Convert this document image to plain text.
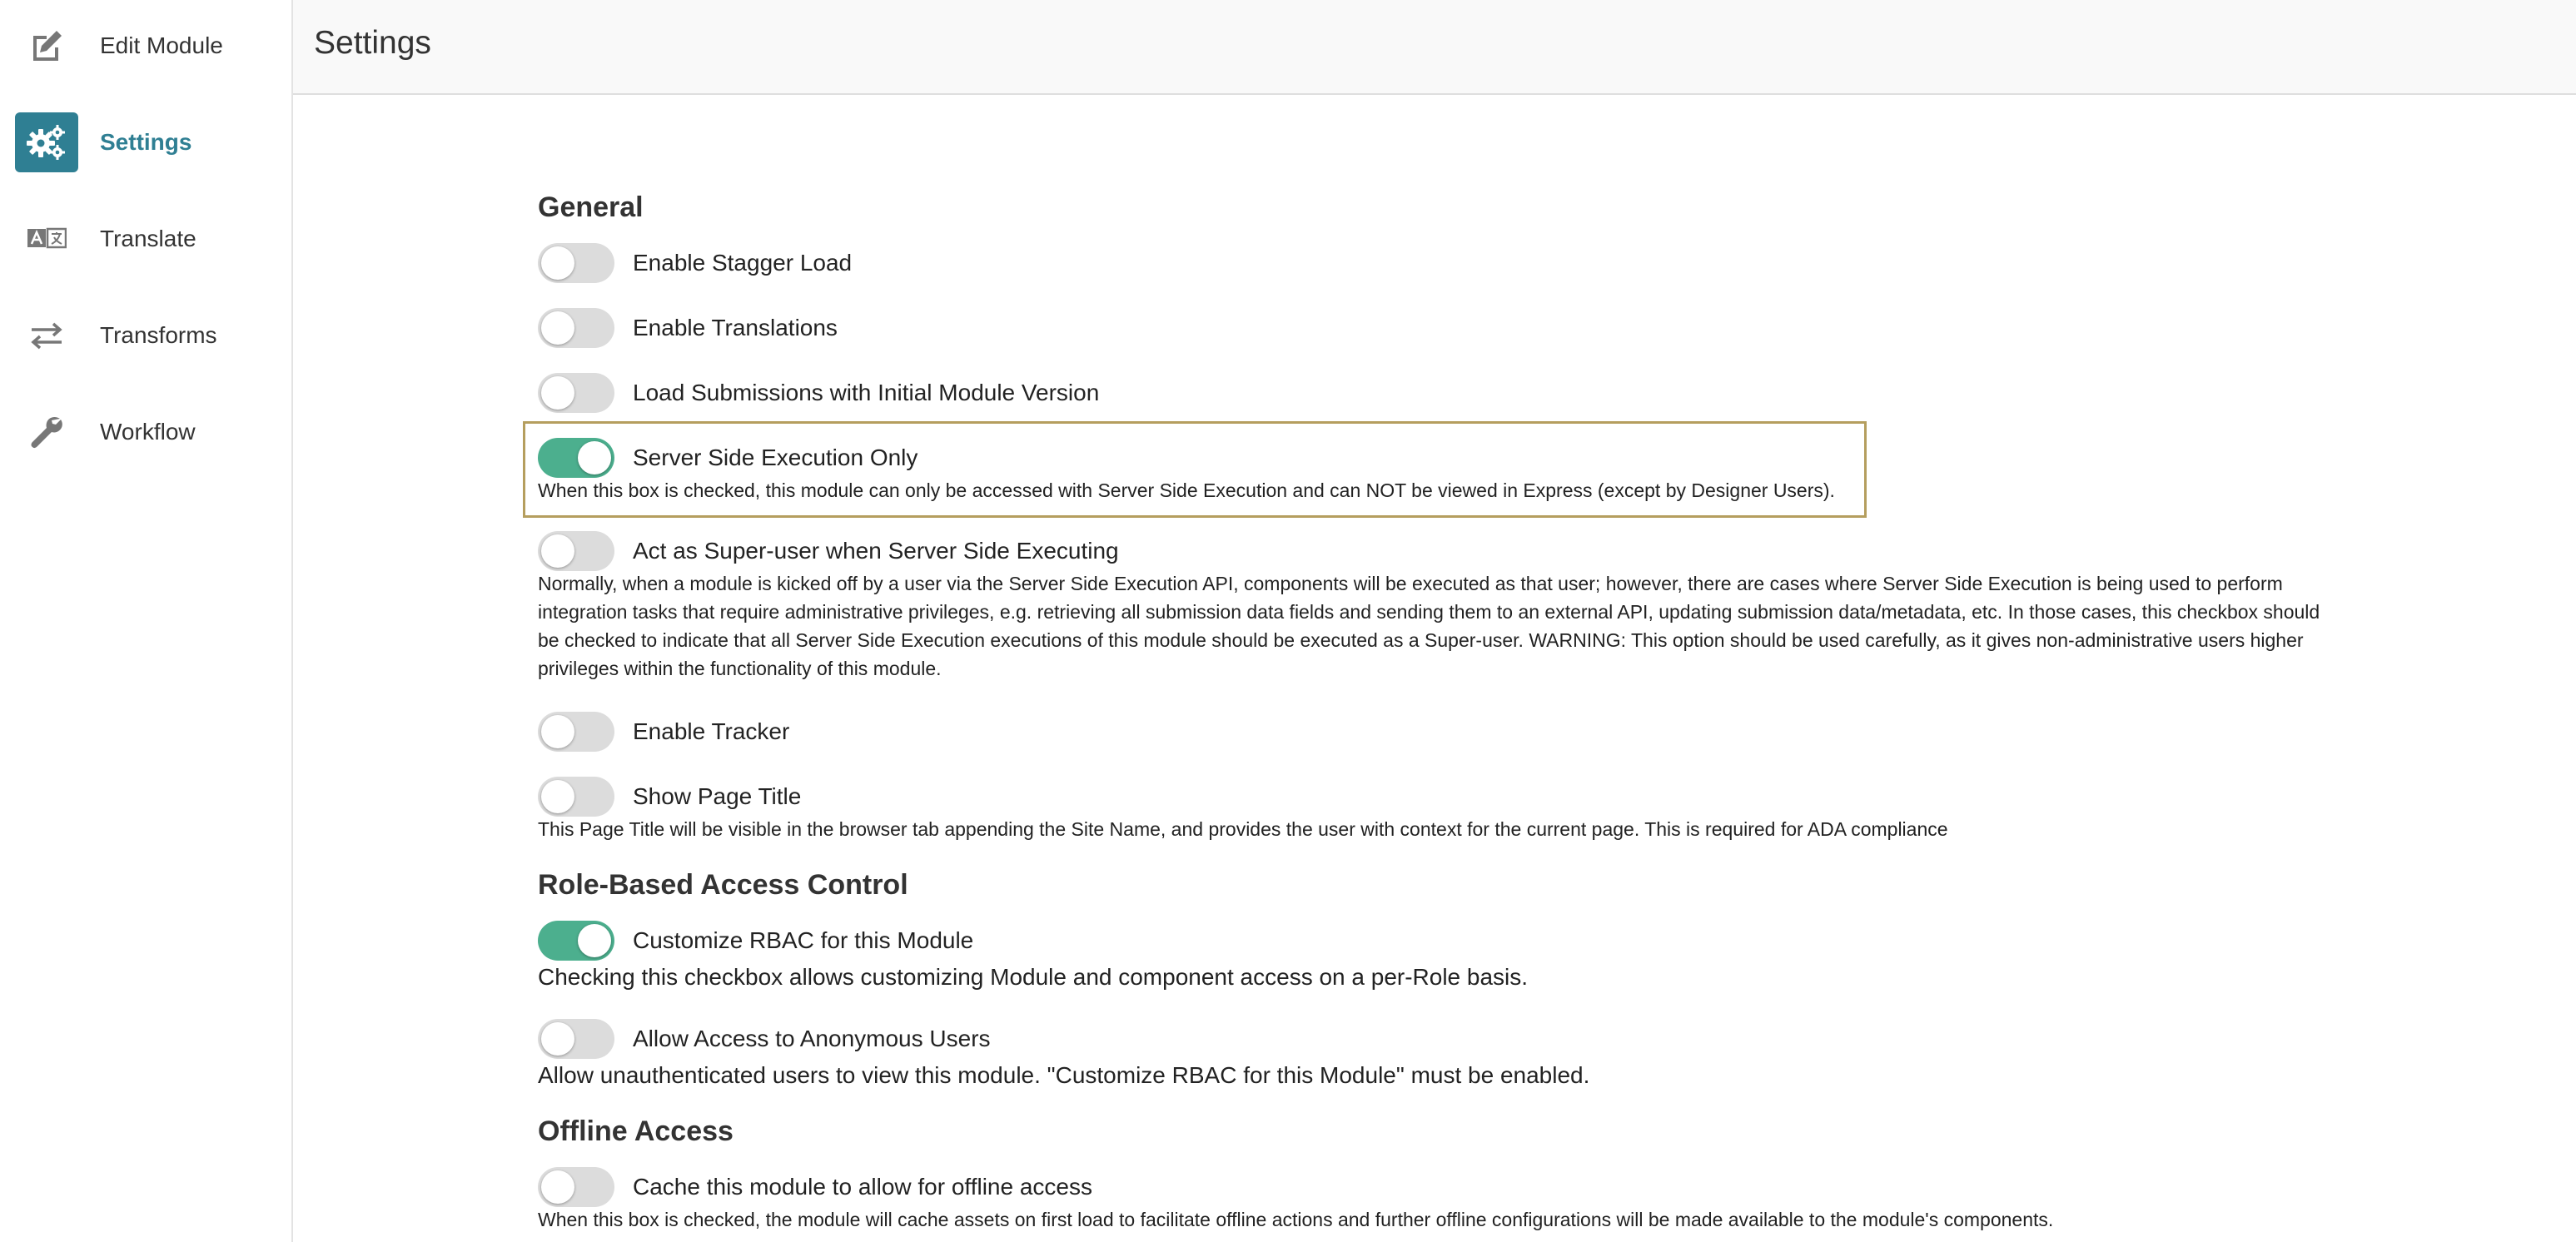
Edit Module
Settings
Translate
Transforms
Workflow
Settings
General
Enable Stagger Load
Enable Translations
Load Submissions with Initial Module Version
Server Side Execution Only
When this box is checked, this module can only be accessed with Server Side Execution and can NOT be viewed in Express (except by Designer Users).
Act as Super-user when Server Side Executing
Normally, when a module is kicked off by a user via the Server Side Execution API, components will be executed as that user; however, there are cases where Server Side Execution is being used to perform integration tasks that require administrative privileges, e.g. retrieving all submission data fields and sending them to an external API, updating submission data/metadata, etc. In those cases, this checkbox should be checked to indicate that all Server Side Execution executions of this module should be executed as a Super-user. WARNING: This option should be used carefully, as it gives non-administrative users higher privileges within the functionality of this module.
Enable Tracker
Show Page Title
This Page Title will be visible in the browser tab appending the Site Name, and provides the user with context for the current page. This is required for ADA compliance
Role-Based Access Control
Customize RBAC for this Module
Checking this checkbox allows customizing Module and component access on a per-Role basis.
Allow Access to Anonymous Users
Allow unauthenticated users to view this module. "Customize RBAC for this Module" must be enabled.
Offline Access
Cache this module to allow for offline access
When this box is checked, the module will cache assets on first load to facilitate offline actions and further offline configurations will be made available to the module's components.
